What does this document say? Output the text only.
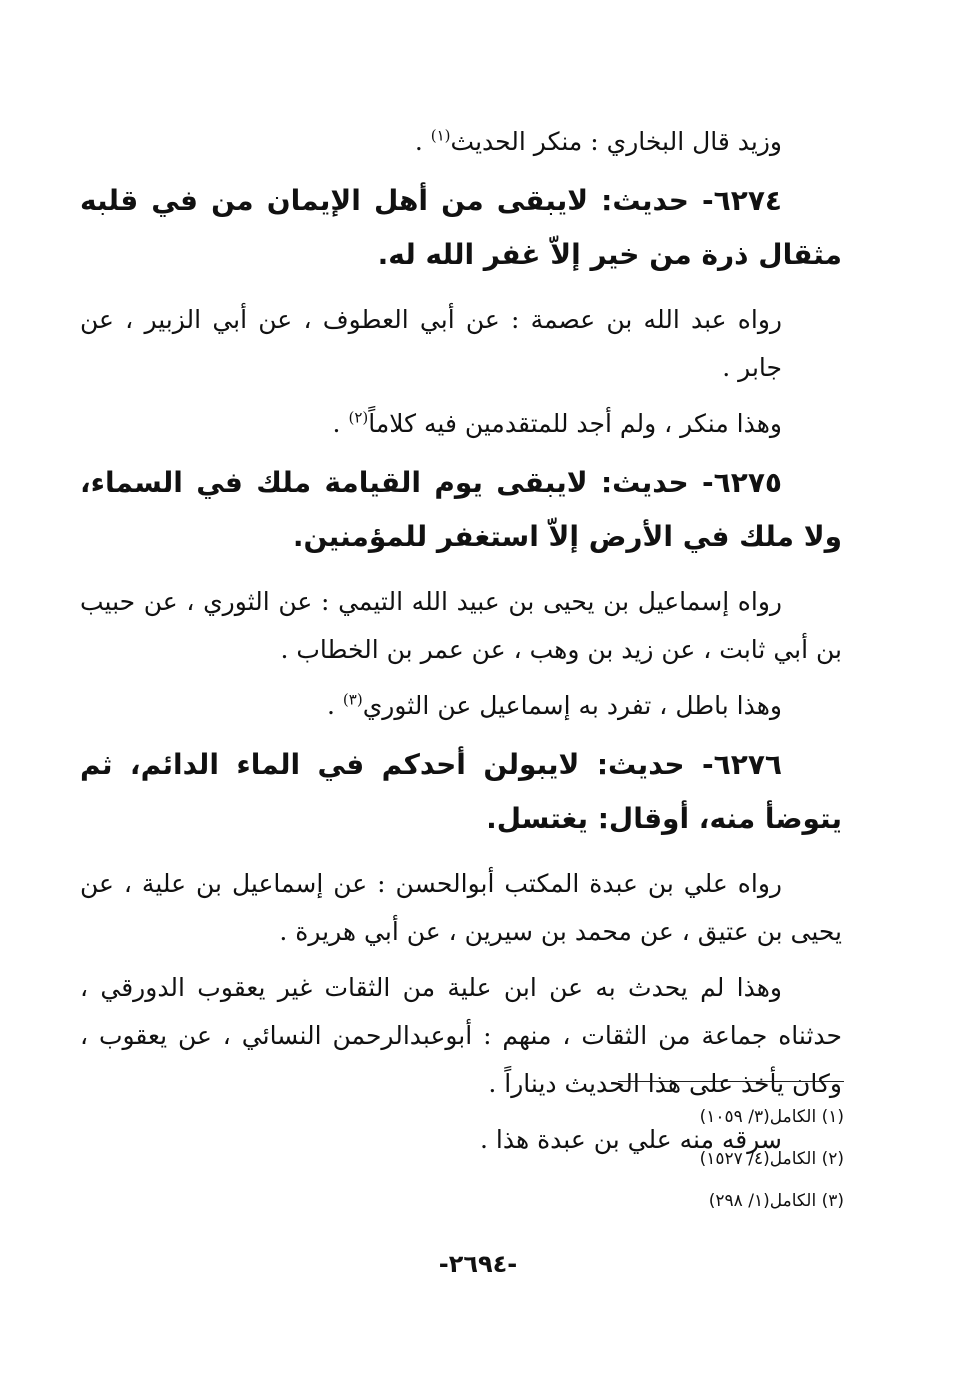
وزيد قال البخاري : منكر الحديث$^{(١)}$ .

٦٢٧٤- حديث: لايبقى من أهل الإيمان من في قلبه مثقال ذرة من خير إلاّ غفر الله له.

رواه عبد الله بن عصمة : عن أبي العطوف ، عن أبي الزبير ، عن جابر .

وهذا منكر ، ولم أجد للمتقدمين فيه كلاماً$^{(٢)}$ .

٦٢٧٥- حديث: لايبقى يوم القيامة ملك في السماء، ولا ملك في الأرض إلاّ استغفر للمؤمنين.

رواه إسماعيل بن يحيى بن عبيد الله التيمي : عن الثوري ، عن حبيب بن أبي ثابت ، عن زيد بن وهب ، عن عمر بن الخطاب .

وهذا باطل ، تفرد به إسماعيل عن الثوري$^{(٣)}$ .

٦٢٧٦- حديث: لايبولن أحدكم في الماء الدائم، ثم يتوضأ منه، أوقال: يغتسل.

رواه علي بن عبدة المكتب أبوالحسن : عن إسماعيل بن علية ، عن يحيى بن عتيق ، عن محمد بن سيرين ، عن أبي هريرة .

وهذا لم يحدث به عن ابن علية من الثقات غير يعقوب الدورقي ، حدثناه جماعة من الثقات ، منهم : أبوعبدالرحمن النسائي ، عن يعقوب ، وكان يأخذ على هذا الحديث ديناراً .

سرقه منه علي بن عبدة هذا .

(١) الكامل(٣/ ١٠٥٩)
(٢) الكامل(٤/ ١٥٢٧)
(٣) الكامل(١/ ٢٩٨)
-٢٦٩٤-
